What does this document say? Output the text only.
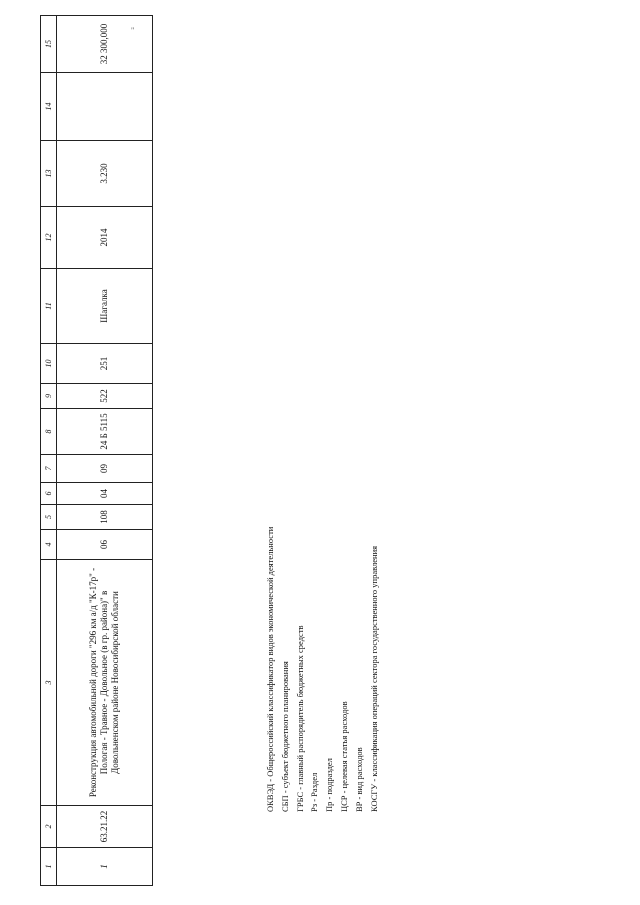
1	2	3	4	5	6	7	8	9	10	11	12	13	14	15
1	63.21.22	Реконструкция автомобильной дороги "296 км а/д "К-17р" - Пологая - Травное - Довольное (в гр. района)" в Довольненском районе Новосибирской области	06	108	04	09	24 Б 5115	522	251	Шагалка	2014	3.230		32 300,000
ОКВЭД - Общероссийский классификатор видов экономической деятельности СБП - субъект бюджетного планирования ГРБС - главный распорядитель бюджетных средств Рз - Раздел Пр - подраздел ЦСР - целевая статья расходов ВР - вид расходов КОСГУ - классификация операций сектора государственного управления
"
